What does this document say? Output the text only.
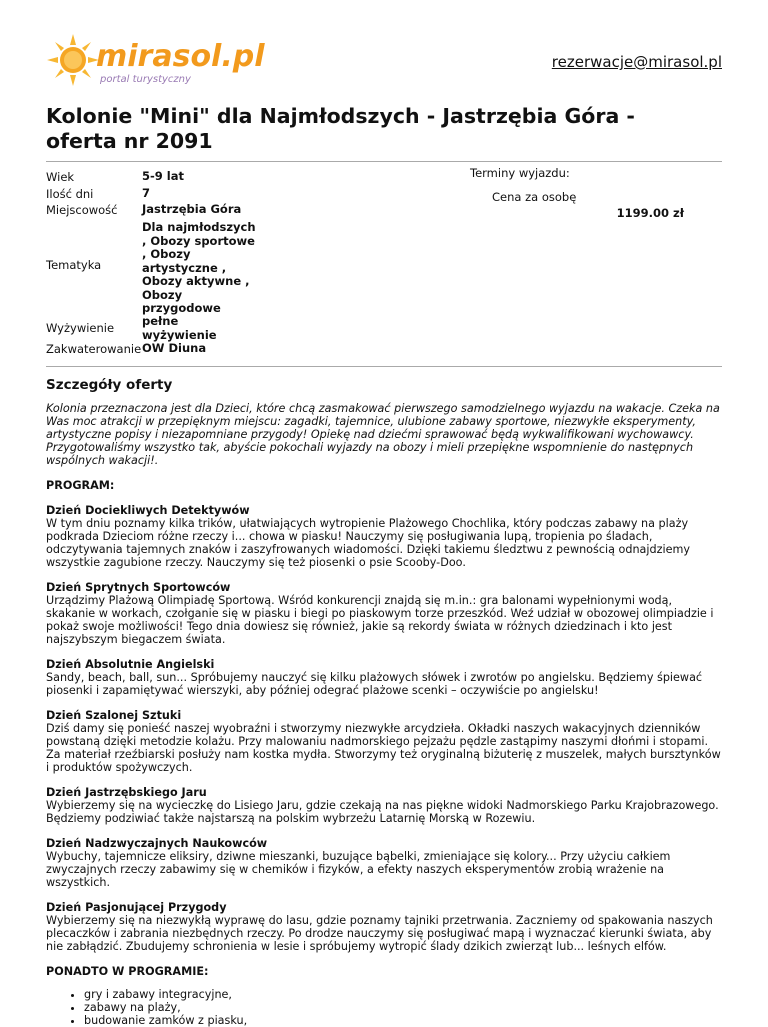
mirasol.pl
portal turystyczny
rezerwacje@mirasol.pl
Kolonie "Mini" dla Najmłodszych - Jastrzębia Góra - oferta nr 2091
Wiek	5-9 lat
Ilość dni	7
Miejscowość Jastrzębia Góra
Tematyka
Dla najmłodszych , Obozy sportowe , Obozy artystyczne , Obozy aktywne , Obozy przygodowe
Wyżywienie pełne wyżywienie
Zakwaterowanie OW Diuna
Terminy wyjazdu:
Cena za osobę
1199.00 zł
Szczegóły oferty

Kolonia przeznaczona jest dla Dzieci, które chcą zasmakować pierwszego samodzielnego wyjazdu na wakacje. Czeka na Was moc atrakcji w przepięknym miejscu: zagadki, tajemnice, ulubione zabawy sportowe, niezwykłe eksperymenty, artystyczne popisy i niezapomniane przygody! Opiekę nad dziećmi sprawować będą wykwalifikowani wychowawcy. Przygotowaliśmy wszystko tak, abyście pokochali wyjazdy na obozy i mieli przepiękne wspomnienie do następnych wspólnych wakacji!.

PROGRAM:

Dzień Dociekliwych Detektywów
W tym dniu poznamy kilka trików, ułatwiających wytropienie Plażowego Chochlika, który podczas zabawy na plaży podkrada Dzieciom różne rzeczy i... chowa w piasku! Nauczymy się posługiwania lupą, tropienia po śladach, odczytywania tajemnych znaków i zaszyfrowanych wiadomości. Dzięki takiemu śledztwu z pewnością odnajdziemy wszystkie zagubione rzeczy. Nauczymy się też piosenki o psie Scooby-Doo.
Dzień Sprytnych Sportowców
Urządzimy Plażową Olimpiadę Sportową. Wśród konkurencji znajdą się m.in.: gra balonami wypełnionymi wodą, skakanie w workach, czołganie się w piasku i biegi po piaskowym torze przeszkód. Weź udział w obozowej olimpiadzie i pokaż swoje możliwości! Tego dnia dowiesz się również, jakie są rekordy świata w różnych dziedzinach i kto jest najszybszym biegaczem świata.
Dzień Absolutnie Angielski
Sandy, beach, ball, sun... Spróbujemy nauczyć się kilku plażowych słówek i zwrotów po angielsku. Będziemy śpiewać piosenki i zapamiętywać wierszyki, aby później odegrać plażowe scenki – oczywiście po angielsku!
Dzień Szalonej Sztuki
Dziś damy się ponieść naszej wyobraźni i stworzymy niezwykłe arcydzieła. Okładki naszych wakacyjnych dzienników powstaną dzięki metodzie kolażu. Przy malowaniu nadmorskiego pejzażu pędzle zastąpimy naszymi dłońmi i stopami. Za materiał rzeźbiarski posłuży nam kostka mydła. Stworzymy też oryginalną biżuterię z muszelek, małych bursztynków i produktów spożywczych.
Dzień Jastrzębskiego Jaru
Wybierzemy się na wycieczkę do Lisiego Jaru, gdzie czekają na nas piękne widoki Nadmorskiego Parku Krajobrazowego. Będziemy podziwiać także najstarszą na polskim wybrzeżu Latarnię Morską w Rozewiu.
Dzień Nadzwyczajnych Naukowców
Wybuchy, tajemnicze eliksiry, dziwne mieszanki, buzujące bąbelki, zmieniające się kolory... Przy użyciu całkiem zwyczajnych rzeczy zabawimy się w chemików i fizyków, a efekty naszych eksperymentów zrobią wrażenie na wszystkich.
Dzień Pasjonującej Przygody
Wybierzemy się na niezwykłą wyprawę do lasu, gdzie poznamy tajniki przetrwania. Zaczniemy od spakowania naszych plecaczków i zabrania niezbędnych rzeczy. Po drodze nauczymy się posługiwać mapą i wyznaczać kierunki świata, aby nie zabłądzić. Zbudujemy schronienia w lesie i spróbujemy wytropić ślady dzikich zwierząt lub... leśnych elfów.

PONADTO W PROGRAMIE:

• gry i zabawy integracyjne,
• zabawy na plaży,
• budowanie zamków z piasku,
